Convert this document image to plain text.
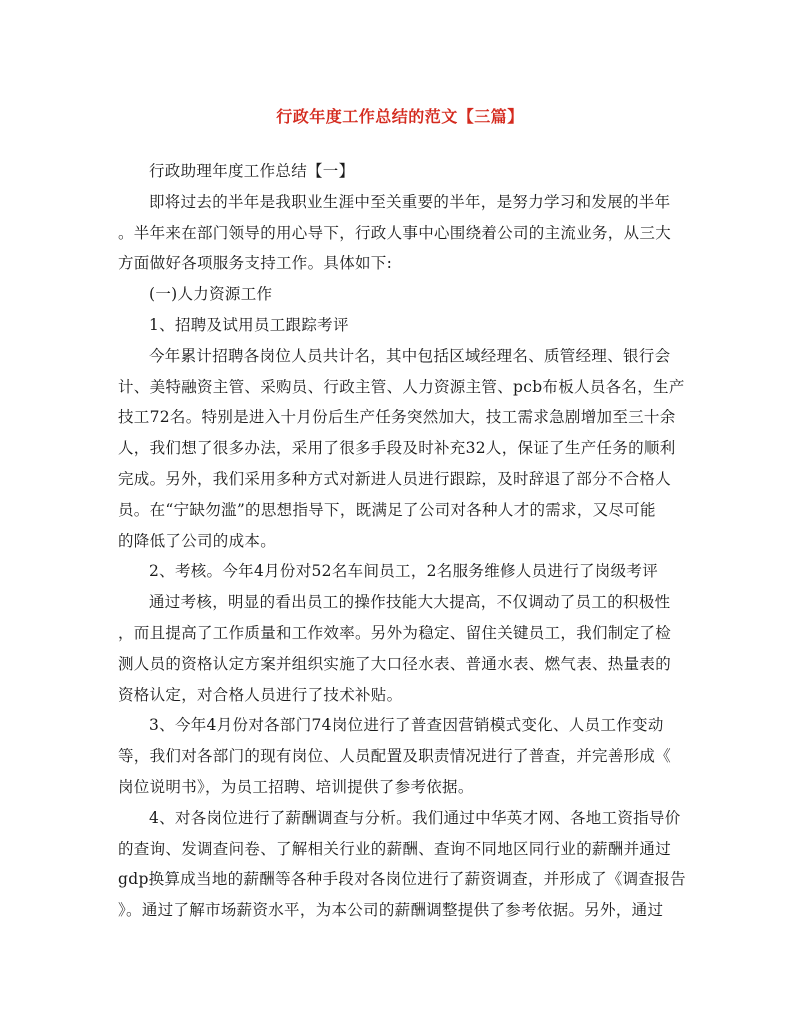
行政年度工作总结的范文【三篇】
行政助理年度工作总结【一】
即将过去的半年是我职业生涯中至关重要的半年，是努力学习和发展的半年
。半年来在部门领导的用心导下，行政人事中心围绕着公司的主流业务，从三大
方面做好各项服务支持工作。具体如下:
(一)人力资源工作
1、招聘及试用员工跟踪考评
今年累计招聘各岗位人员共计名，其中包括区域经理名、质管经理、银行会
计、美特融资主管、采购员、行政主管、人力资源主管、pcb布板人员各名，生产
技工72名。特别是进入十月份后生产任务突然加大，技工需求急剧增加至三十余
人，我们想了很多办法，采用了很多手段及时补充32人，保证了生产任务的顺利
完成。另外，我们采用多种方式对新进人员进行跟踪，及时辞退了部分不合格人
员。在“宁缺勿滥”的思想指导下，既满足了公司对各种人才的需求，又尽可能
的降低了公司的成本。
2、考核。今年4月份对52名车间员工，2名服务维修人员进行了岗级考评
通过考核，明显的看出员工的操作技能大大提高，不仅调动了员工的积极性
，而且提高了工作质量和工作效率。另外为稳定、留住关键员工，我们制定了检
测人员的资格认定方案并组织实施了大口径水表、普通水表、燃气表、热量表的
资格认定，对合格人员进行了技术补贴。
3、今年4月份对各部门74岗位进行了普查因营销模式变化、人员工作变动
等，我们对各部门的现有岗位、人员配置及职责情况进行了普查，并完善形成《
岗位说明书》，为员工招聘、培训提供了参考依据。
4、对各岗位进行了薪酬调查与分析。我们通过中华英才网、各地工资指导价
的查询、发调查问卷、了解相关行业的薪酬、查询不同地区同行业的薪酬并通过
gdp换算成当地的薪酬等各种手段对各岗位进行了薪资调查，并形成了《调查报告
》。通过了解市场薪资水平，为本公司的薪酬调整提供了参考依据。另外，通过
